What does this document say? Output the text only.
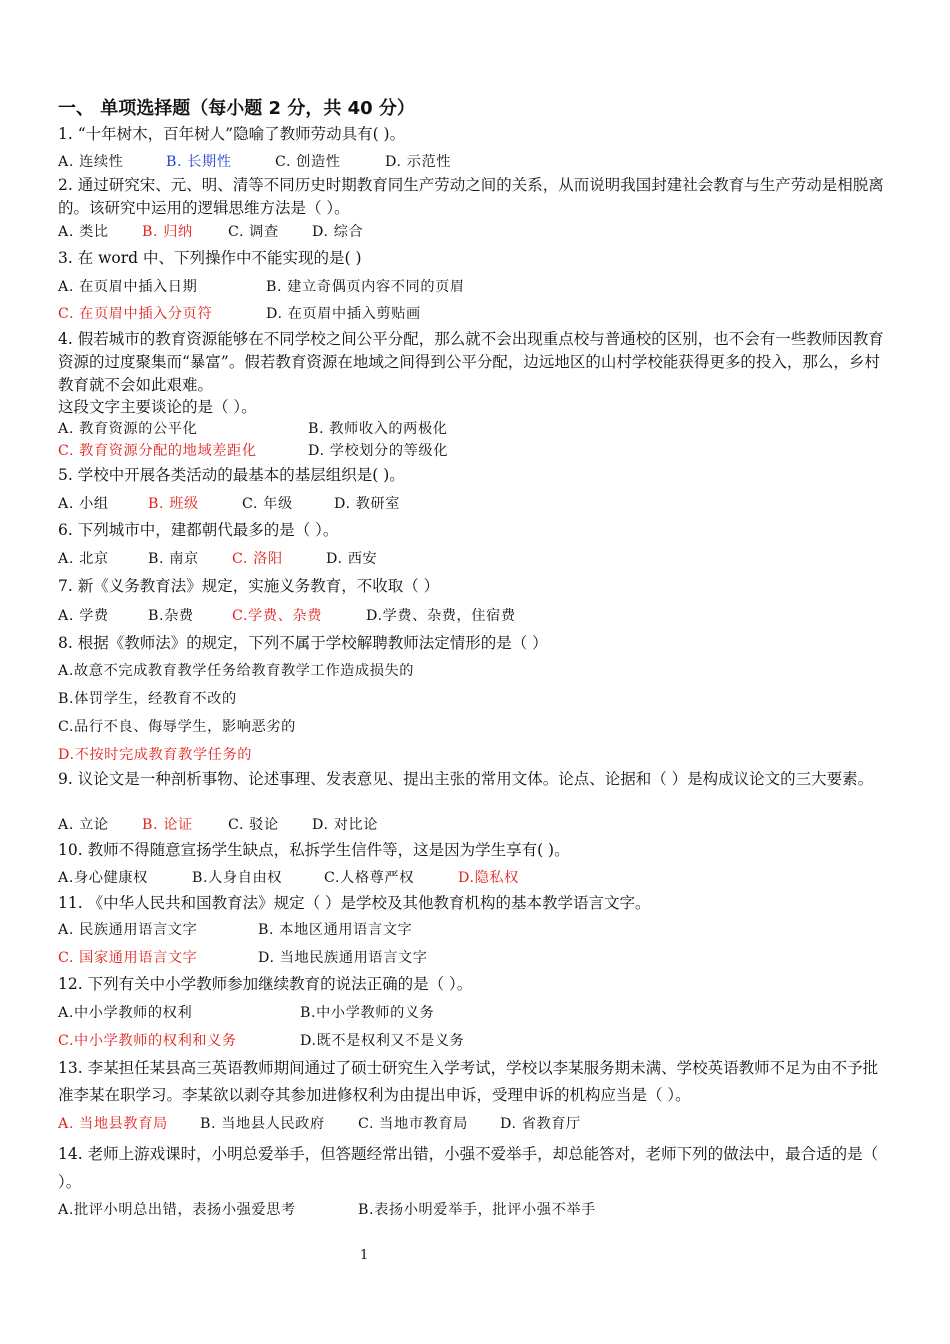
一、 单项选择题（每小题 2 分，共 40 分）
1. “十年树木，百年树人”隐喻了教师劳动具有( )。
A. 连续性	B. 长期性	C. 创造性	D. 示范性
2. 通过研究宋、元、明、清等不同历史时期教育同生产劳动之间的关系，从而说明我国封建社会教育与生产劳动是相脱离的。该研究中运用的逻辑思维方法是（ ）。
A. 类比 B. 归纳 C. 调查 D. 综合
3. 在 word 中、下列操作中不能实现的是( )
A. 在页眉中插入日期	B. 建立奇偶页内容不同的页眉
C. 在页眉中插入分页符	D. 在页眉中插入剪贴画
4. 假若城市的教育资源能够在不同学校之间公平分配，那么就不会出现重点校与普通校的区别，也不会有一些教师因教育资源的过度聚集而“暴富”。假若教育资源在地域之间得到公平分配，边远地区的山村学校能获得更多的投入，那么，乡村教育就不会如此艰难。
这段文字主要谈论的是（ ）。
A. 教育资源的公平化	B. 教师收入的两极化
C. 教育资源分配的地域差距化	D. 学校划分的等级化
5. 学校中开展各类活动的最基本的基层组织是( )。
A. 小组	B. 班级	C. 年级	D. 教研室
6. 下列城市中，建都朝代最多的是（ ）。
A. 北京	B. 南京 C. 洛阳	D. 西安
7. 新《义务教育法》规定，实施义务教育，不收取（ ）
A. 学费	B.杂费	C.学费、杂费	D.学费、杂费，住宿费
8. 根据《教师法》的规定，下列不属于学校解聘教师法定情形的是（ ）
A.故意不完成教育教学任务给教育教学工作造成损失的
B.体罚学生，经教育不改的
C.品行不良、侮辱学生，影响恶劣的
D.不按时完成教育教学任务的
9. 议论文是一种剖析事物、论述事理、发表意见、提出主张的常用文体。论点、论据和（ ）是构成议论文的三大要素。
A. 立论 B. 论证 C. 驳论 D. 对比论
10. 教师不得随意宣扬学生缺点，私拆学生信件等，这是因为学生享有( )。
A.身心健康权	B.人身自由权	C.人格尊严权	D.隐私权
11. 《中华人民共和国教育法》规定（ ）是学校及其他教育机构的基本教学语言文字。
A. 民族通用语言文字	B. 本地区通用语言文字
C. 国家通用语言文字	D. 当地民族通用语言文字
12. 下列有关中小学教师参加继续教育的说法正确的是（ ）。
A.中小学教师的权利	B.中小学教师的义务
C.中小学教师的权利和义务	D.既不是权利又不是义务
13. 李某担任某县高三英语教师期间通过了硕士研究生入学考试，学校以李某服务期未满、学校英语教师不足为由不予批准李某在职学习。李某欲以剥夺其参加进修权利为由提出申诉，受理申诉的机构应当是（ ）。
A. 当地县教育局 B. 当地县人民政府 C. 当地市教育局 D. 省教育厅
14. 老师上游戏课时，小明总爱举手，但答题经常出错，小强不爱举手，却总能答对，老师下列的做法中，最合适的是（ ）。
A.批评小明总出错，表扬小强爱思考	B.表扬小明爱举手，批评小强不举手
1
